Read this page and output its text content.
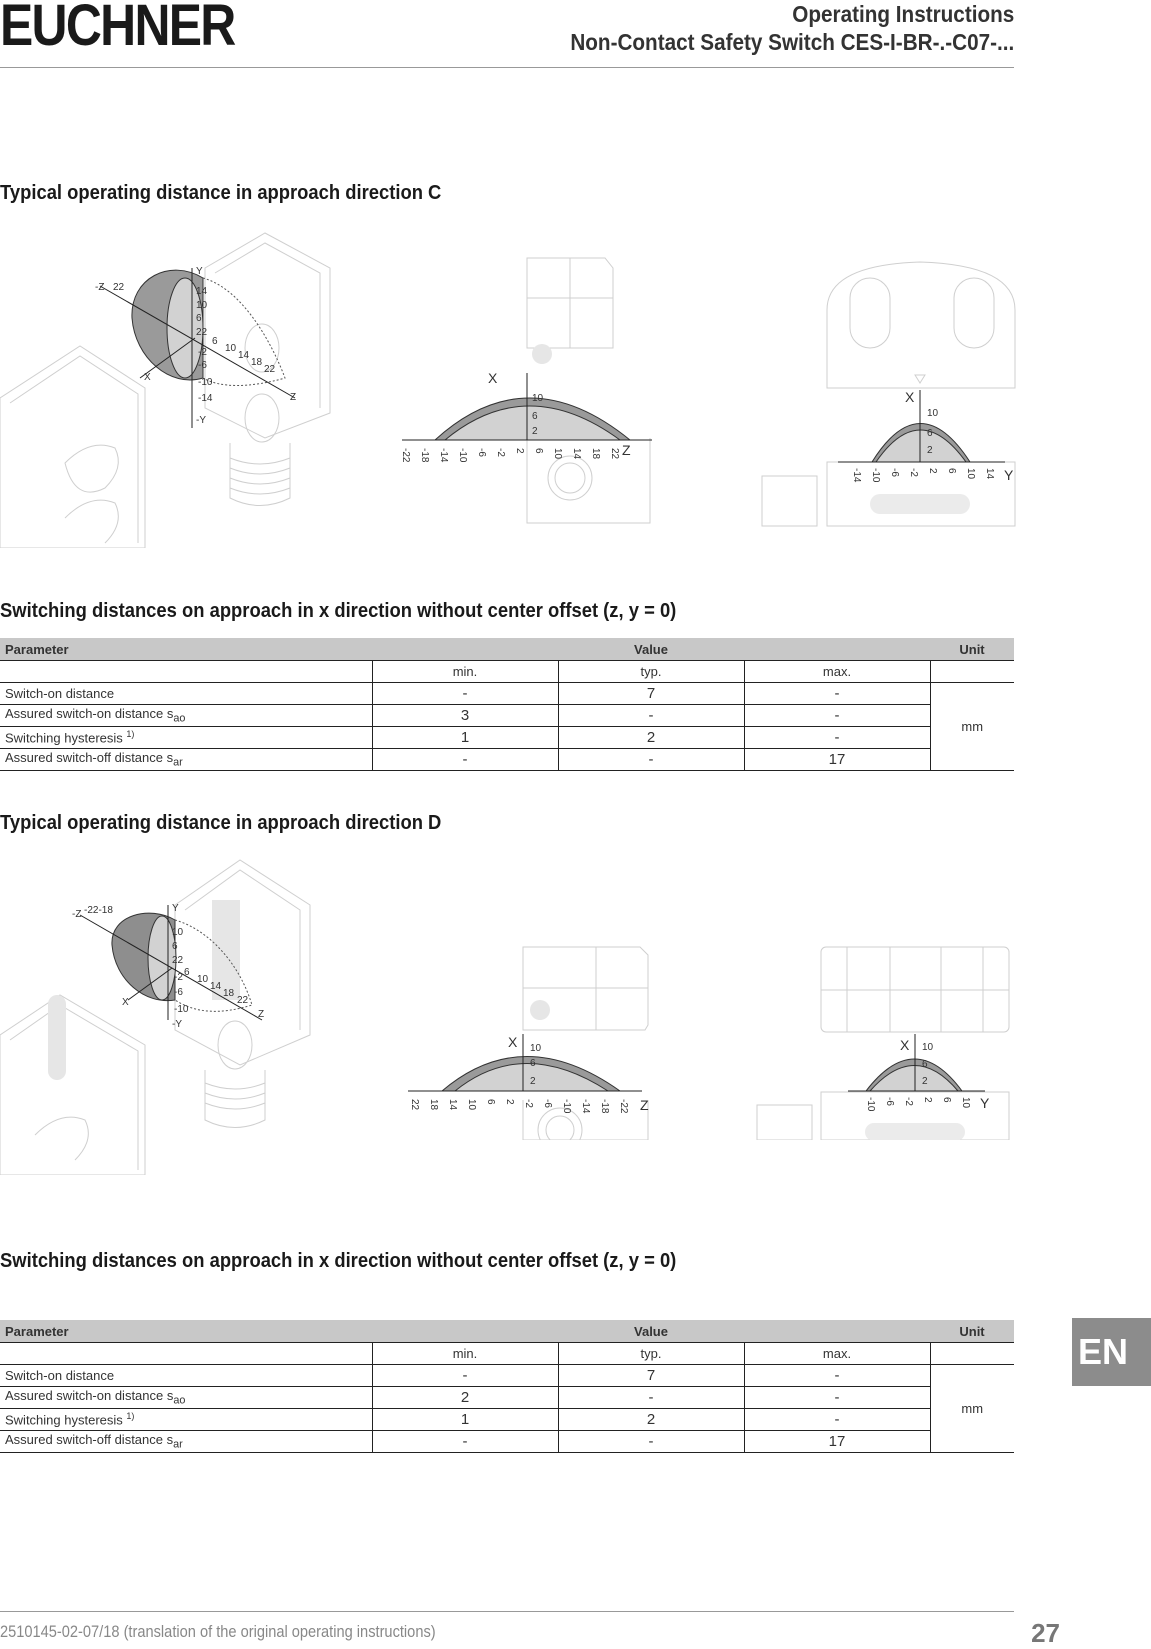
EUCHNER	Operating Instructions
Non-Contact Safety Switch CES-I-BR-.-C07-...
Typical operating distance in approach direction C
Y
-Y
-Z
Z
X
14
10
6
22
-2
-6
-10
-14
22
6
10
14
18
22
X
Z
10
6
2
-22 -18 -14 -10 -6 -2 2 6 10 14 18 22
X
Y
10
6
2
-14 -10 -6 -2 2 6 10 14
Switching distances on approach in x direction without center offset (z, y = 0)
Parameter	Value			Unit
	min.	typ.	max.	
Switch-on distance	-	7	-	mm
Assured switch-on distance $s_{ao}$	3	-	-	
Switching hysteresis $^{1)}$	1	2	-	
Assured switch-off distance $s_{ar}$	-	-	17	
Typical operating distance in approach direction D
Y
-Y
-Z
Z
X
-22-18
10
6
22
-2
-6
-10
6
10
14
18
22
X
Z
10
6
2
22 18 14 10 6 2 -2 -6 -10 -14 -18 -22
X
Y
10
6
2
-10 -6 -2 2 6 10
Switching distances on approach in x direction without center offset (z, y = 0)
Parameter	Value			Unit
	min.	typ.	max.	
Switch-on distance	-	7	-	mm
Assured switch-on distance $s_{ao}$	2	-	-	
Switching hysteresis $^{1)}$	1	2	-	
Assured switch-off distance $s_{ar}$	-	-	17	
EN
2510145-02-07/18 (translation of the original operating instructions)	27
